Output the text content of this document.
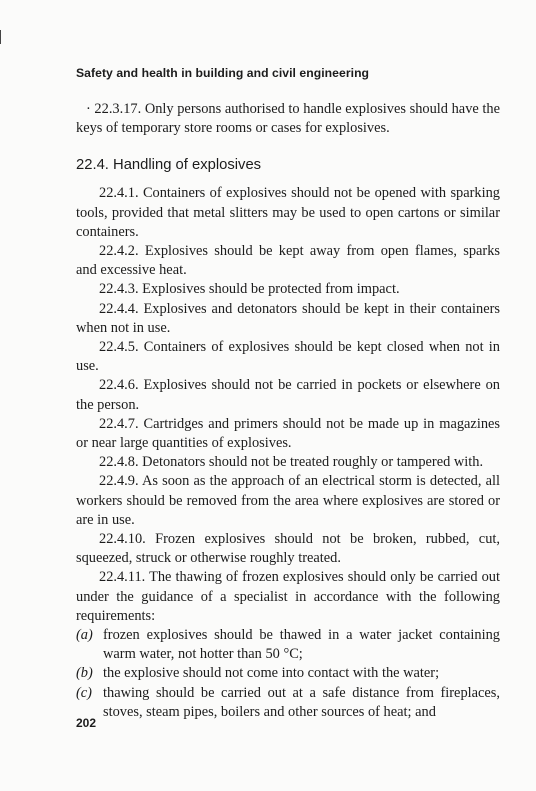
Safety and health in building and civil engineering

· 22.3.17. Only persons authorised to handle explosives should have the keys of temporary store rooms or cases for explosives.

22.4. Handling of explosives

22.4.1. Containers of explosives should not be opened with sparking tools, provided that metal slitters may be used to open cartons or similar containers.

22.4.2. Explosives should be kept away from open flames, sparks and excessive heat.

22.4.3. Explosives should be protected from impact.

22.4.4. Explosives and detonators should be kept in their containers when not in use.

22.4.5. Containers of explosives should be kept closed when not in use.

22.4.6. Explosives should not be carried in pockets or elsewhere on the person.

22.4.7. Cartridges and primers should not be made up in magazines or near large quantities of explosives.

22.4.8. Detonators should not be treated roughly or tampered with.

22.4.9. As soon as the approach of an electrical storm is detected, all workers should be removed from the area where explosives are stored or are in use.

22.4.10. Frozen explosives should not be broken, rubbed, cut, squeezed, struck or otherwise roughly treated.

22.4.11. The thawing of frozen explosives should only be carried out under the guidance of a specialist in accordance with the following requirements:

(a) frozen explosives should be thawed in a water jacket containing warm water, not hotter than 50 °C;
(b) the explosive should not come into contact with the water;
(c) thawing should be carried out at a safe distance from fireplaces, stoves, steam pipes, boilers and other sources of heat; and
202
